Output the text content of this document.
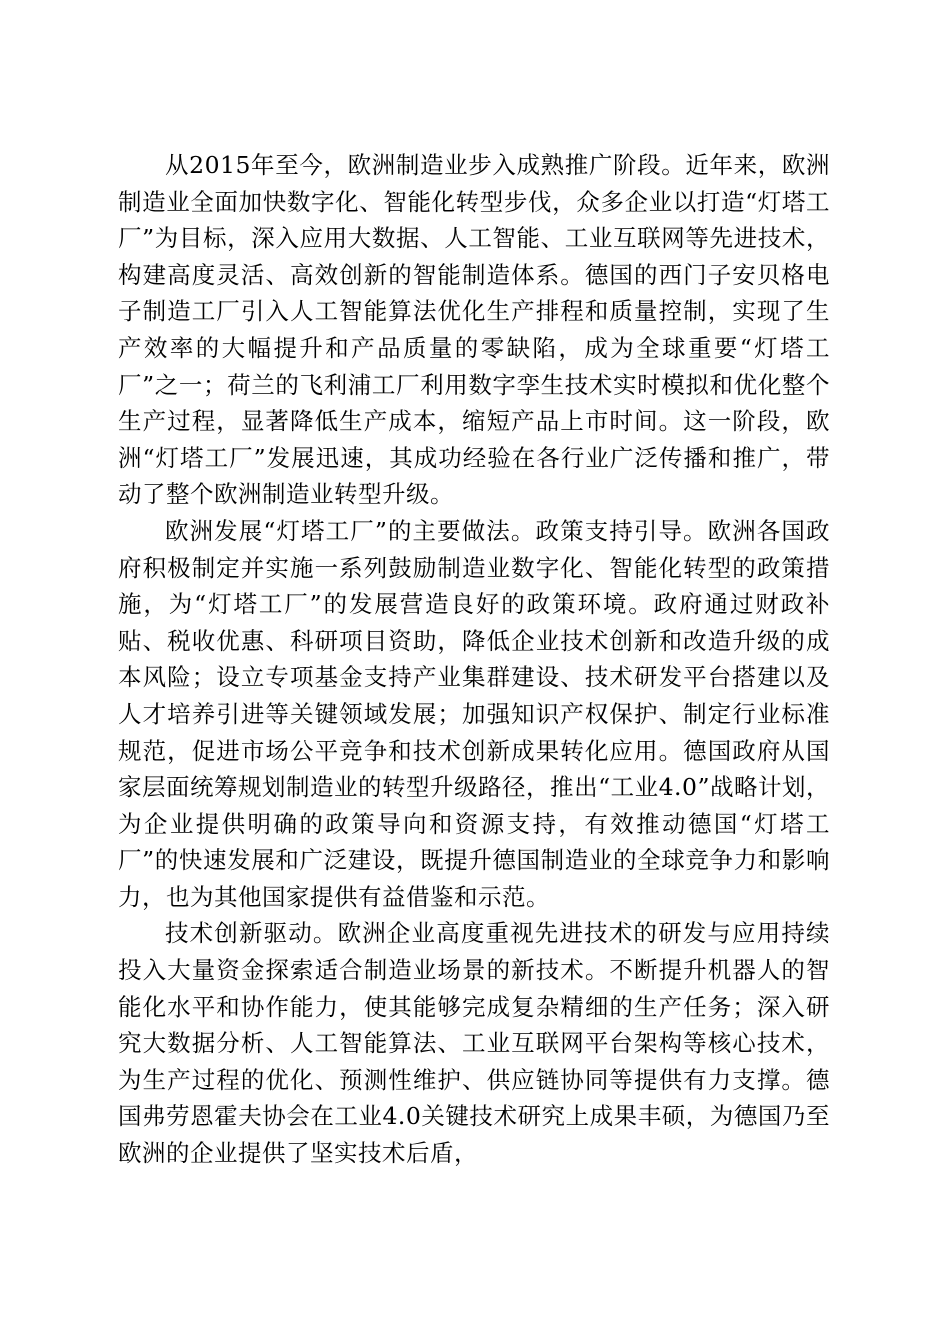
从2015年至今，欧洲制造业步入成熟推广阶段。近年来，欧洲制造业全面加快数字化、智能化转型步伐，众多企业以打造“灯塔工厂”为目标，深入应用大数据、人工智能、工业互联网等先进技术，构建高度灵活、高效创新的智能制造体系。德国的西门子安贝格电子制造工厂引入人工智能算法优化生产排程和质量控制，实现了生产效率的大幅提升和产品质量的零缺陷，成为全球重要“灯塔工厂”之一；荷兰的飞利浦工厂利用数字孪生技术实时模拟和优化整个生产过程，显著降低生产成本，缩短产品上市时间。这一阶段，欧洲“灯塔工厂”发展迅速，其成功经验在各行业广泛传播和推广，带动了整个欧洲制造业转型升级。

欧洲发展“灯塔工厂”的主要做法。政策支持引导。欧洲各国政府积极制定并实施一系列鼓励制造业数字化、智能化转型的政策措施，为“灯塔工厂”的发展营造良好的政策环境。政府通过财政补贴、税收优惠、科研项目资助，降低企业技术创新和改造升级的成本风险；设立专项基金支持产业集群建设、技术研发平台搭建以及人才培养引进等关键领域发展；加强知识产权保护、制定行业标准规范，促进市场公平竞争和技术创新成果转化应用。德国政府从国家层面统筹规划制造业的转型升级路径，推出“工业4.0”战略计划，为企业提供明确的政策导向和资源支持，有效推动德国“灯塔工厂”的快速发展和广泛建设，既提升德国制造业的全球竞争力和影响力，也为其他国家提供有益借鉴和示范。

技术创新驱动。欧洲企业高度重视先进技术的研发与应用持续投入大量资金探索适合制造业场景的新技术。不断提升机器人的智能化水平和协作能力，使其能够完成复杂精细的生产任务；深入研究大数据分析、人工智能算法、工业互联网平台架构等核心技术，为生产过程的优化、预测性维护、供应链协同等提供有力支撑。德国弗劳恩霍夫协会在工业4.0关键技术研究上成果丰硕，为德国乃至欧洲的企业提供了坚实技术后盾，
